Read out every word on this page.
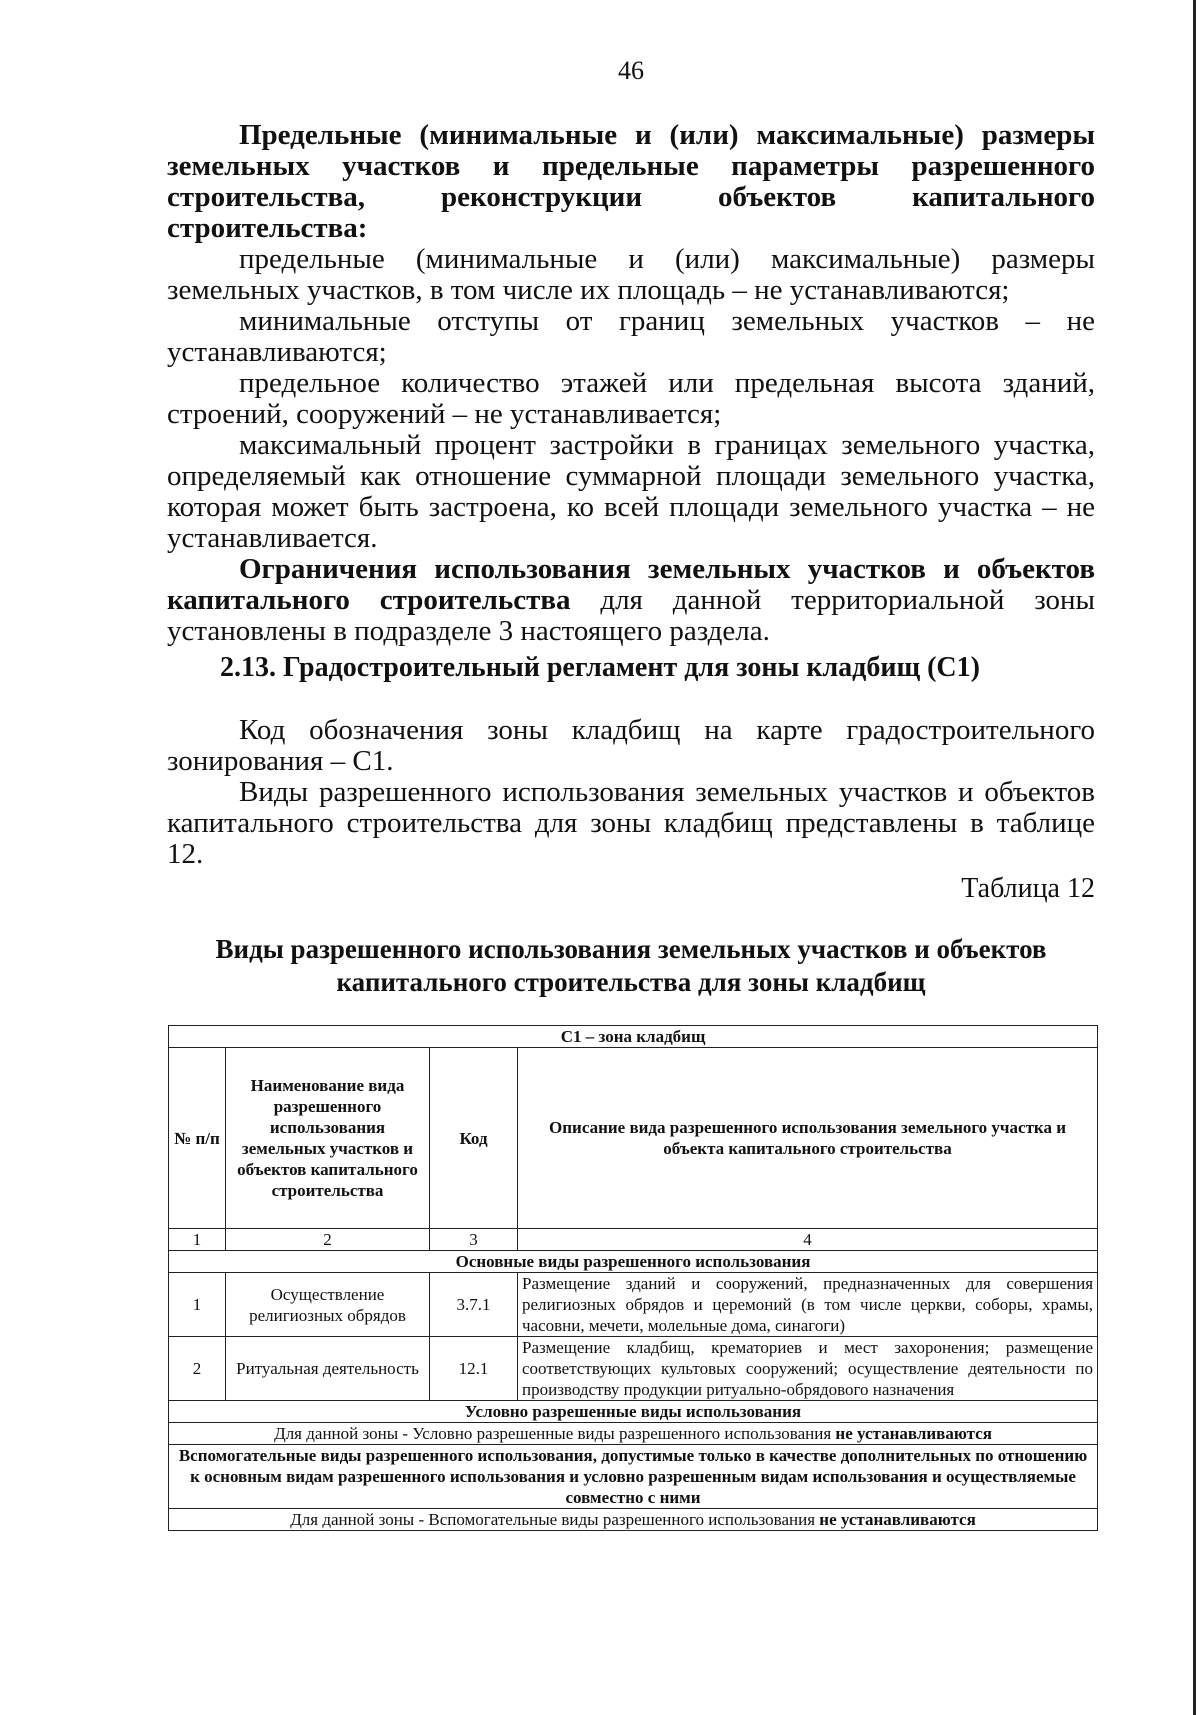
46

Предельные (минимальные и (или) максимальные) размеры земельных участков и предельные параметры разрешенного строительства, реконструкции объектов капитального строительства:

предельные (минимальные и (или) максимальные) размеры земельных участков, в том числе их площадь – не устанавливаются;

минимальные отступы от границ земельных участков – не устанавливаются;

предельное количество этажей или предельная высота зданий, строений, сооружений – не устанавливается;

максимальный процент застройки в границах земельного участка, определяемый как отношение суммарной площади земельного участка, которая может быть застроена, ко всей площади земельного участка – не устанавливается.

Ограничения использования земельных участков и объектов капитального строительства для данной территориальной зоны установлены в подразделе 3 настоящего раздела.

2.13. Градостроительный регламент для зоны кладбищ (С1)

Код обозначения зоны кладбищ на карте градостроительного зонирования – С1.

Виды разрешенного использования земельных участков и объектов капитального строительства для зоны кладбищ представлены в таблице 12.

Таблица 12
Виды разрешенного использования земельных участков и объектов
капитального строительства для зоны кладбищ
С1 – зона кладбищ			
№ п/п	Наименование вида разрешенного использования земельных участков и объектов капитального строительства	Код	Описание вида разрешенного использования земельного участка и объекта капитального строительства
1	2	3	4
Основные виды разрешенного использования			
1	Осуществление религиозных обрядов	3.7.1	Размещение зданий и сооружений, предназначенных для совершения религиозных обрядов и церемоний (в том числе церкви, соборы, храмы, часовни, мечети, молельные дома, синагоги)
2	Ритуальная деятельность	12.1	Размещение кладбищ, крематориев и мест захоронения; размещение соответствующих культовых сооружений; осуществление деятельности по производству продукции ритуально-обрядового назначения
Условно разрешенные виды использования			
Для данной зоны - Условно разрешенные виды разрешенного использования не устанавливаются			
Вспомогательные виды разрешенного использования, допустимые только в качестве дополнительных по отношению к основным видам разрешенного использования и условно разрешенным видам использования и осуществляемые совместно с ними			
Для данной зоны - Вспомогательные виды разрешенного использования не устанавливаются			
